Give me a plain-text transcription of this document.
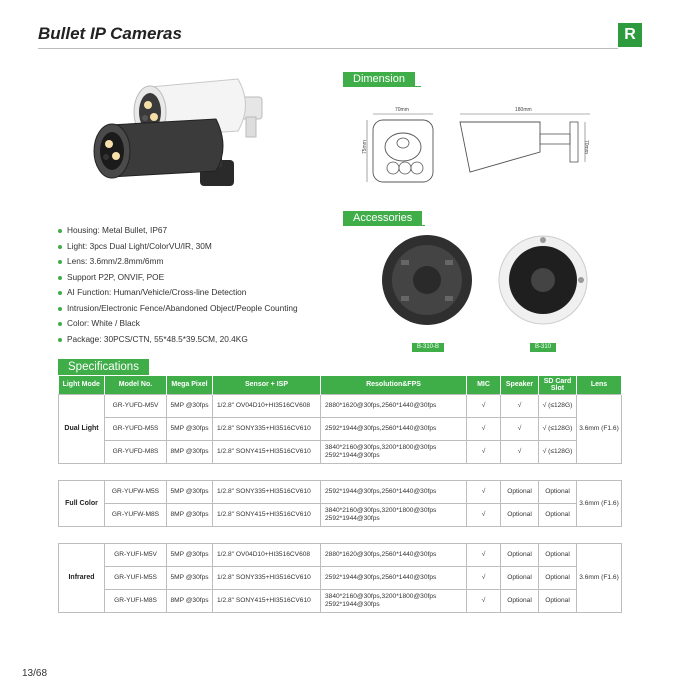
Bullet IP Cameras	R
Dimension
70mm
75mm
180mm
70mm
Accessories
B-310-B	B-310
Housing: Metal Bullet, IP67
Light: 3pcs Dual Light/ColorVU/IR, 30M
Lens: 3.6mm/2.8mm/6mm
Support P2P, ONVIF, POE
AI Function: Human/Vehicle/Cross-line Detection
Intrusion/Electronic Fence/Abandoned Object/People Counting
Color: White / Black
Package: 30PCS/CTN, 55*48.5*39.5CM, 20.4KG
Specifications
Light Mode	Model No.	Mega Pixel	Sensor + ISP	Resolution&FPS	MIC	Speaker	SD Card Slot	Lens
Dual Light	GR-YUFD-M5V	5MP @30fps	1/2.8" OV04D10+HI3516CV608	2880*1620@30fps,2560*1440@30fps	√	√	√ (≤128G)	3.6mm (F1.6)
	GR-YUFD-M5S	5MP @30fps	1/2.8" SONY335+HI3516CV610	2592*1944@30fps,2560*1440@30fps	√	√	√ (≤128G)	
	GR-YUFD-M8S	8MP @30fps	1/2.8" SONY415+HI3516CV610	3840*2160@30fps,3200*1800@30fps 2592*1944@30fps	√	√	√ (≤128G)	
Full Color	GR-YUFW-M5S	5MP @30fps	1/2.8" SONY335+HI3516CV610	2592*1944@30fps,2560*1440@30fps	√	Optional	Optional	3.6mm (F1.6)
	GR-YUFW-M8S	8MP @30fps	1/2.8" SONY415+HI3516CV610	3840*2160@30fps,3200*1800@30fps 2592*1944@30fps	√	Optional	Optional	
Infrared	GR-YUFI-M5V	5MP @30fps	1/2.8" OV04D10+HI3516CV608	2880*1620@30fps,2560*1440@30fps	√	Optional	Optional	3.6mm (F1.6)
	GR-YUFI-M5S	5MP @30fps	1/2.8" SONY335+HI3516CV610	2592*1944@30fps,2560*1440@30fps	√	Optional	Optional	
	GR-YUFI-M8S	8MP @30fps	1/2.8" SONY415+HI3516CV610	3840*2160@30fps,3200*1800@30fps 2592*1944@30fps	√	Optional	Optional	
13/68
